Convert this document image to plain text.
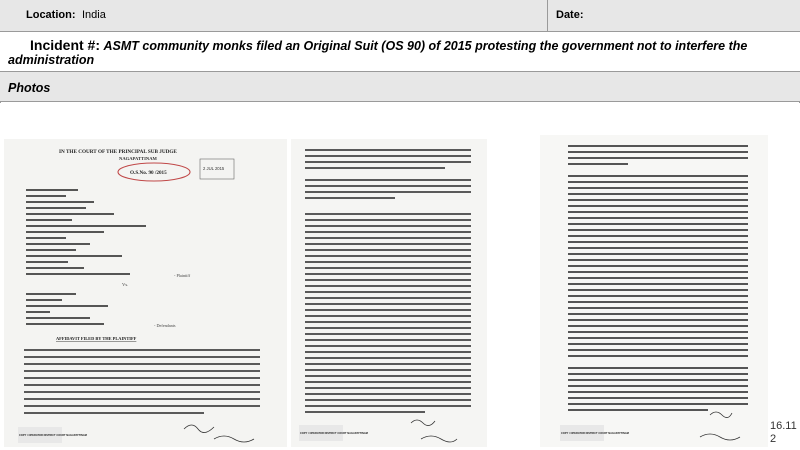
Location: India	Date:
Incident #: ASMT community monks filed an Original Suit (OS 90) of 2015 protesting the government not to interfere the
administration
Photos
IN THE COURT OF THE PRINCIPAL SUB JUDGE
NAGAPATTINAM
O.S.No. 90 /2015
2 JUL 2015
- Plaintiff
Vs.
- Defendants
AFFIDAVIT FILED BY THE PLAINTIFF
COPY / OPERATOR DISTRICT COURT NAGAPATTINAM
COPY / OPERATOR DISTRICT COURT NAGAPATTINAM	COPY / OPERATOR DISTRICT COURT NAGAPATTINAM
16.11
2
